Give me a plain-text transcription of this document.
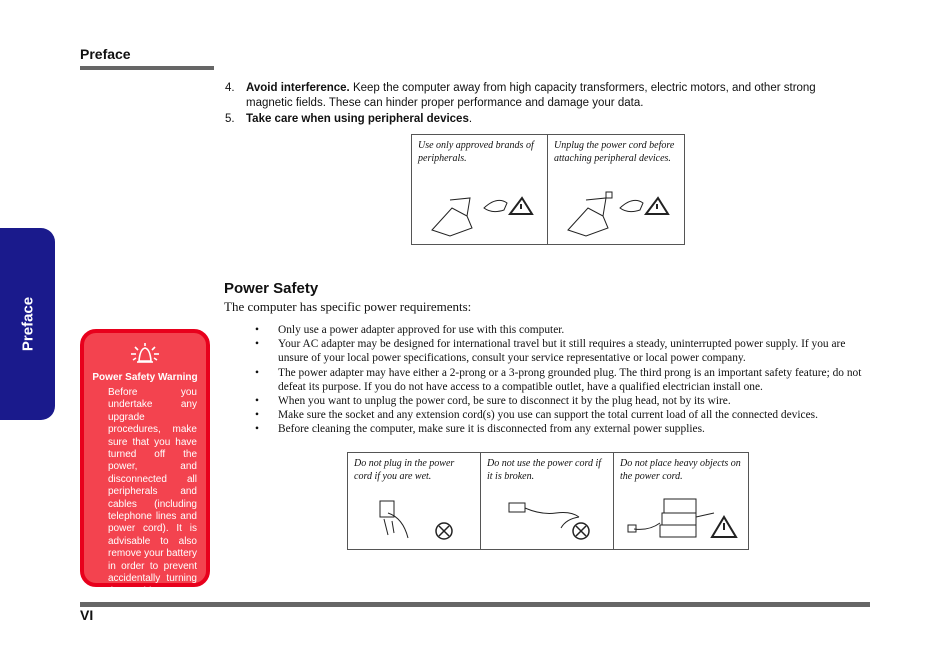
Preface
Preface
Power Safety Warning
Before you undertake any upgrade procedures, make sure that you have turned off the power, and disconnected all peripherals and cables (including telephone lines and power cord). It is advisable to also remove your battery in order to prevent accidentally turning the machine on.
4. Avoid interference. Keep the computer away from high capacity transformers, electric motors, and other strong magnetic fields. These can hinder proper performance and damage your data.
5. Take care when using peripheral devices.
Use only approved brands of peripherals.
Unplug the power cord before attaching peripheral devices.
Power Safety
The computer has specific power requirements:
• Only use a power adapter approved for use with this computer.
• Your AC adapter may be designed for international travel but it still requires a steady, uninterrupted power supply. If you are unsure of your local power specifications, consult your service representative or local power company.
• The power adapter may have either a 2-prong or a 3-prong grounded plug. The third prong is an important safety feature; do not defeat its purpose. If you do not have access to a compatible outlet, have a qualified electrician install one.
• When you want to unplug the power cord, be sure to disconnect it by the plug head, not by its wire.
• Make sure the socket and any extension cord(s) you use can support the total current load of all the connected devices.
• Before cleaning the computer, make sure it is disconnected from any external power supplies.
Do not plug in the power cord if you are wet.
Do not use the power cord if it is broken.
Do not place heavy objects on the power cord.
VI
